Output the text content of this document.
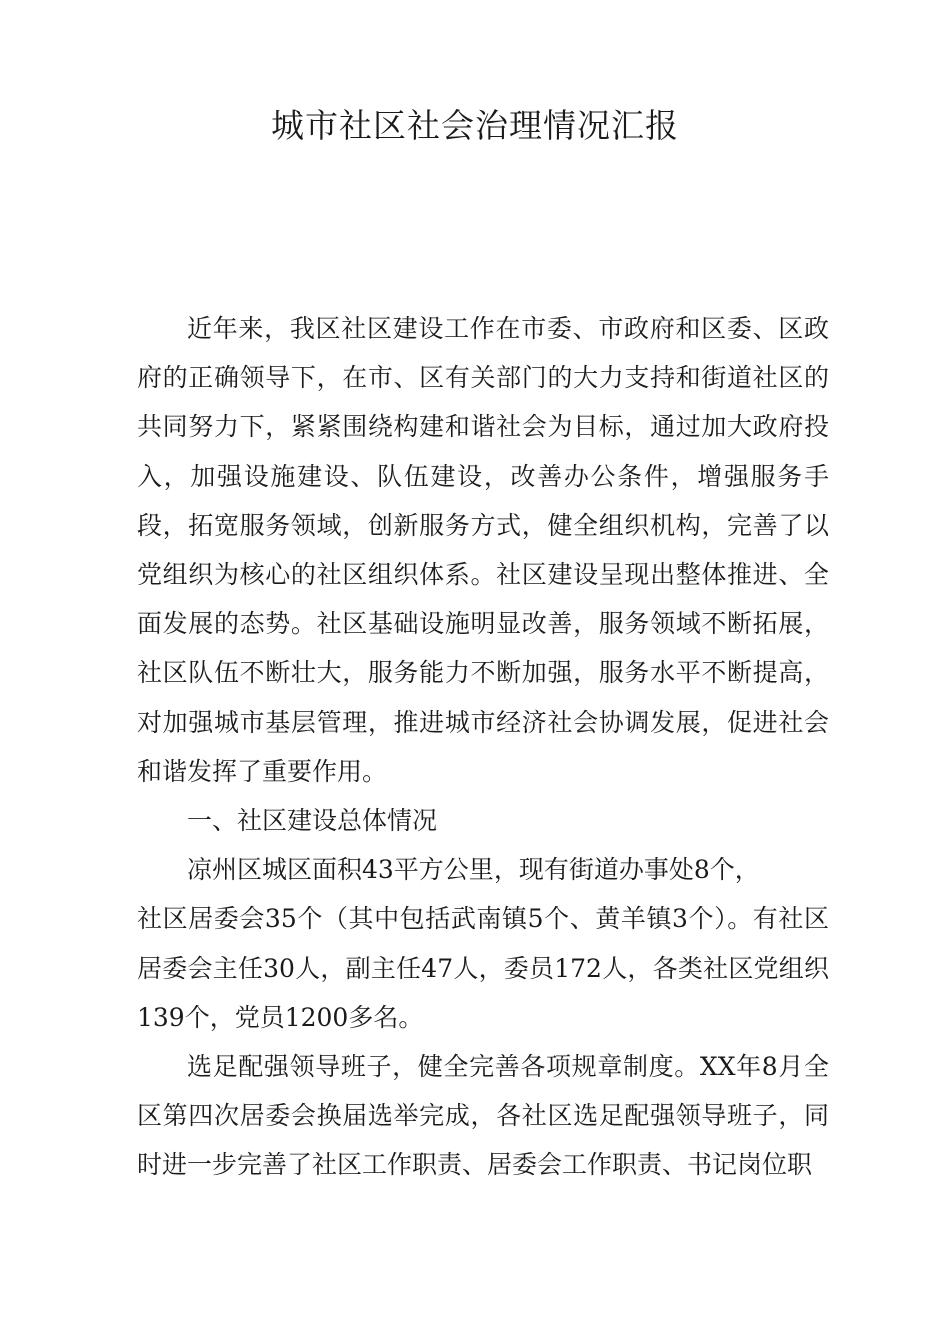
城市社区社会治理情况汇报

近年来，我区社区建设工作在市委、市政府和区委、区政府的正确领导下，在市、区有关部门的大力支持和街道社区的共同努力下，紧紧围绕构建和谐社会为目标，通过加大政府投入，加强设施建设、队伍建设，改善办公条件，增强服务手段，拓宽服务领域，创新服务方式，健全组织机构，完善了以党组织为核心的社区组织体系。社区建设呈现出整体推进、全面发展的态势。社区基础设施明显改善，服务领域不断拓展，社区队伍不断壮大，服务能力不断加强，服务水平不断提高，对加强城市基层管理，推进城市经济社会协调发展，促进社会和谐发挥了重要作用。

一、社区建设总体情况

凉州区城区面积43平方公里，现有街道办事处8个，
社区居委会35个（其中包括武南镇5个、黄羊镇3个）。有社区居委会主任30人，副主任47人，委员172人，各类社区党组织139个，党员1200多名。

选足配强领导班子，健全完善各项规章制度。XX年8月全区第四次居委会换届选举完成，各社区选足配强领导班子，同时进一步完善了社区工作职责、居委会工作职责、书记岗位职
